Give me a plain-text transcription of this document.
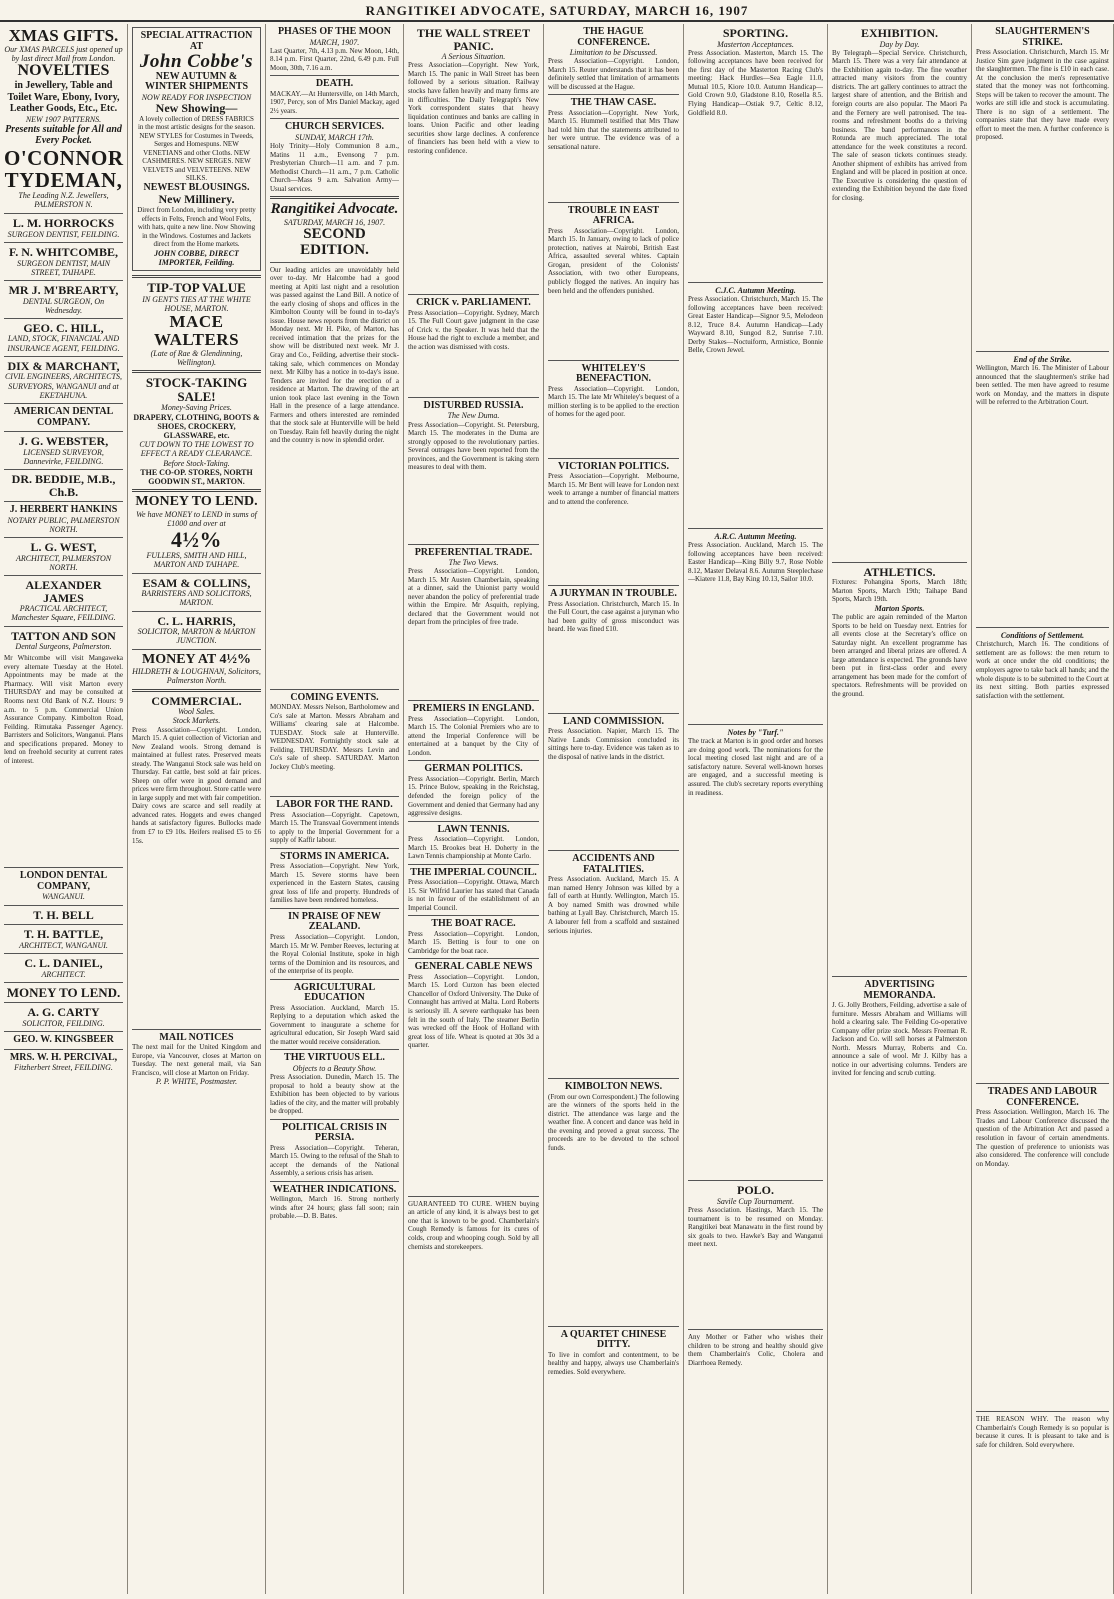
RANGITIKEI ADVOCATE, SATURDAY, MARCH 16, 1907
XMAS GIFTS.
Our XMAS PARCELS just opened up by last direct Mail from London.
NOVELTIES
in Jewellery, Table and Toilet Ware, Ebony, Ivory, Leather Goods, Etc., Etc.
NEW 1907 PATTERNS.
Presents suitable for All and Every Pocket.
O'CONNOR
TYDEMAN,
The Leading N.Z. Jewellers, PALMERSTON N.
L. M. HORROCKS
SURGEON DENTIST, FEILDING.
F. N. WHITCOMBE,
SURGEON DENTIST, MAIN STREET, TAIHAPE.
MR J. M'BREARTY,
DENTAL SURGEON, On Wednesday.
GEO. C. HILL,
LAND, STOCK, FINANCIAL AND INSURANCE AGENT, FEILDING.
DIX & MARCHANT,
CIVIL ENGINEERS, ARCHITECTS, SURVEYORS, WANGANUI and at EKETAHUNA.
AMERICAN DENTAL COMPANY.
J. G. WEBSTER,
LICENSED SURVEYOR, Dannevirke, FEILDING.
DR. BEDDIE, M.B., Ch.B.
J. HERBERT HANKINS
NOTARY PUBLIC, PALMERSTON NORTH.
L. G. WEST,
ARCHITECT, PALMERSTON NORTH.
ALEXANDER JAMES
PRACTICAL ARCHITECT, Manchester Square, FEILDING.
TATTON AND SON
Dental Surgeons, Palmerston.
Mr Whitcombe will visit Mangaweka every alternate Tuesday at the Hotel. Appointments may be made at the Pharmacy. Will visit Marton every THURSDAY and may be consulted at Rooms next Old Bank of N.Z. Hours: 9 a.m. to 5 p.m. Commercial Union Assurance Company. Kimbolton Road, Feilding. Rimutaka Passenger Agency. Barristers and Solicitors, Wanganui. Plans and specifications prepared. Money to lend on freehold security at current rates of interest.
LONDON DENTAL COMPANY,
WANGANUI.
T. H. BELL
T. H. BATTLE,
ARCHITECT, WANGANUI.
C. L. DANIEL,
ARCHITECT.
MONEY TO LEND.
A. G. CARTY
SOLICITOR, FEILDING.
GEO. W. KINGSBEER
MRS. W. H. PERCIVAL,
Fitzherbert Street, FEILDING.
SPECIAL ATTRACTION AT
John Cobbe's
NEW AUTUMN & WINTER SHIPMENTS
NOW READY FOR INSPECTION
New Showing—
A lovely collection of DRESS FABRICS in the most artistic designs for the season. NEW STYLES for Costumes in Tweeds, Serges and Homespuns. NEW VENETIANS and other Cloths. NEW CASHMERES. NEW SERGES. NEW VELVETS and VELVETEENS. NEW SILKS.
NEWEST BLOUSINGS.
New Millinery.
Direct from London, including very pretty effects in Felts, French and Wool Felts, with hats, quite a new line. Now Showing in the Windows. Costumes and Jackets direct from the Home markets.
JOHN COBBE, DIRECT IMPORTER, Feilding.
TIP-TOP VALUE
IN GENT'S TIES AT THE WHITE HOUSE, MARTON.
MACE WALTERS
(Late of Rae & Glendinning, Wellington).
STOCK-TAKING SALE!
Money-Saving Prices.
DRAPERY, CLOTHING, BOOTS & SHOES, CROCKERY, GLASSWARE, etc.
CUT DOWN TO THE LOWEST TO EFFECT A READY CLEARANCE. Before Stock-Taking.
THE CO-OP. STORES, NORTH GOODWIN ST., MARTON.
MONEY TO LEND.
We have MONEY to LEND in sums of £1000 and over at
4½%
FULLERS, SMITH AND HILL, MARTON AND TAIHAPE.
ESAM & COLLINS,
BARRISTERS AND SOLICITORS, MARTON.
C. L. HARRIS,
SOLICITOR, MARTON & MARTON JUNCTION.
MONEY AT 4½%
HILDRETH & LOUGHNAN, Solicitors, Palmerston North.
COMMERCIAL.
Wool Sales.
Stock Markets.
Press Association—Copyright. London, March 15. A quiet collection of Victorian and New Zealand wools. Strong demand is maintained at fullest rates. Preserved meats steady. The Wanganui Stock sale was held on Thursday. Fat cattle, best sold at fair prices. Sheep on offer were in good demand and prices were firm throughout. Store cattle were in large supply and met with fair competition. Dairy cows are scarce and sell readily at advanced rates. Hoggets and ewes changed hands at satisfactory figures. Bullocks made from £7 to £9 10s. Heifers realised £5 to £6 15s.
MAIL NOTICES
The next mail for the United Kingdom and Europe, via Vancouver, closes at Marton on Tuesday. The next general mail, via San Francisco, will close at Marton on Friday.
P. P. WHITE, Postmaster.
PHASES OF THE MOON
MARCH, 1907.
Last Quarter, 7th, 4.13 p.m. New Moon, 14th, 8.14 p.m. First Quarter, 22nd, 6.49 p.m. Full Moon, 30th, 7.16 a.m.
DEATH.
MACKAY.—At Huntersville, on 14th March, 1907, Percy, son of Mrs Daniel Mackay, aged 2½ years.
CHURCH SERVICES.
SUNDAY, MARCH 17th.
Holy Trinity—Holy Communion 8 a.m., Matins 11 a.m., Evensong 7 p.m. Presbyterian Church—11 a.m. and 7 p.m. Methodist Church—11 a.m., 7 p.m. Catholic Church—Mass 9 a.m. Salvation Army—Usual services.
Rangitikei Advocate.
SATURDAY, MARCH 16, 1907.
SECOND EDITION.
Our leading articles are unavoidably held over to-day. Mr Halcombe had a good meeting at Apiti last night and a resolution was passed against the Land Bill. A notice of the early closing of shops and offices in the Kimbolton County will be found in to-day's issue. House news reports from the district on Monday next. Mr H. Pike, of Marton, has received intimation that the prizes for the show will be distributed next week. Mr J. Gray and Co., Feilding, advertise their stock-taking sale, which commences on Monday next. Mr Kilby has a notice in to-day's issue. Tenders are invited for the erection of a residence at Marton. The drawing of the art union took place last evening in the Town Hall in the presence of a large attendance. Farmers and others interested are reminded that the stock sale at Hunterville will be held on Tuesday. Rain fell heavily during the night and the country is now in splendid order.
COMING EVENTS.
MONDAY. Messrs Nelson, Bartholomew and Co's sale at Marton. Messrs Abraham and Williams' clearing sale at Halcombe. TUESDAY. Stock sale at Hunterville. WEDNESDAY. Fortnightly stock sale at Feilding. THURSDAY. Messrs Levin and Co's sale of sheep. SATURDAY. Marton Jockey Club's meeting.
LABOR FOR THE RAND.
Press Association—Copyright. Capetown, March 15. The Transvaal Government intends to apply to the Imperial Government for a supply of Kaffir labour.
STORMS IN AMERICA.
Press Association—Copyright. New York, March 15. Severe storms have been experienced in the Eastern States, causing great loss of life and property. Hundreds of families have been rendered homeless.
IN PRAISE OF NEW ZEALAND.
Press Association—Copyright. London, March 15. Mr W. Pember Reeves, lecturing at the Royal Colonial Institute, spoke in high terms of the Dominion and its resources, and of the enterprise of its people.
AGRICULTURAL EDUCATION
Press Association. Auckland, March 15. Replying to a deputation which asked the Government to inaugurate a scheme for agricultural education, Sir Joseph Ward said the matter would receive consideration.
THE VIRTUOUS ELL.
Objects to a Beauty Show.
Press Association. Dunedin, March 15. The proposal to hold a beauty show at the Exhibition has been objected to by various ladies of the city, and the matter will probably be dropped.
POLITICAL CRISIS IN PERSIA.
Press Association—Copyright. Teheran, March 15. Owing to the refusal of the Shah to accept the demands of the National Assembly, a serious crisis has arisen.
WEATHER INDICATIONS.
Wellington, March 16. Strong northerly winds after 24 hours; glass fall soon; rain probable.—D. B. Bates.
THE WALL STREET PANIC.
A Serious Situation.
Press Association—Copyright. New York, March 15. The panic in Wall Street has been followed by a serious situation. Railway stocks have fallen heavily and many firms are in difficulties. The Daily Telegraph's New York correspondent states that heavy liquidation continues and banks are calling in loans. Union Pacific and other leading securities show large declines. A conference of financiers has been held with a view to restoring confidence.
CRICK v. PARLIAMENT.
Press Association—Copyright. Sydney, March 15. The Full Court gave judgment in the case of Crick v. the Speaker. It was held that the House had the right to exclude a member, and the action was dismissed with costs.
DISTURBED RUSSIA.
The New Duma.
Press Association—Copyright. St. Petersburg, March 15. The moderates in the Duma are strongly opposed to the revolutionary parties. Several outrages have been reported from the provinces, and the Government is taking stern measures to deal with them.
PREFERENTIAL TRADE.
The Two Views.
Press Association—Copyright. London, March 15. Mr Austen Chamberlain, speaking at a dinner, said the Unionist party would never abandon the policy of preferential trade within the Empire. Mr Asquith, replying, declared that the Government would not depart from the principles of free trade.
PREMIERS IN ENGLAND.
Press Association—Copyright. London, March 15. The Colonial Premiers who are to attend the Imperial Conference will be entertained at a banquet by the City of London.
GERMAN POLITICS.
Press Association—Copyright. Berlin, March 15. Prince Bulow, speaking in the Reichstag, defended the foreign policy of the Government and denied that Germany had any aggressive designs.
LAWN TENNIS.
Press Association—Copyright. London, March 15. Brookes beat H. Doherty in the Lawn Tennis championship at Monte Carlo.
THE IMPERIAL COUNCIL.
Press Association—Copyright. Ottawa, March 15. Sir Wilfrid Laurier has stated that Canada is not in favour of the establishment of an Imperial Council.
THE BOAT RACE.
Press Association—Copyright. London, March 15. Betting is four to one on Cambridge for the boat race.
GENERAL CABLE NEWS
Press Association—Copyright. London, March 15. Lord Curzon has been elected Chancellor of Oxford University. The Duke of Connaught has arrived at Malta. Lord Roberts is seriously ill. A severe earthquake has been felt in the south of Italy. The steamer Berlin was wrecked off the Hook of Holland with great loss of life. Wheat is quoted at 30s 3d a quarter.
GUARANTEED TO CURE. WHEN buying an article of any kind, it is always best to get one that is known to be good. Chamberlain's Cough Remedy is famous for its cures of colds, croup and whooping cough. Sold by all chemists and storekeepers.
THE HAGUE CONFERENCE.
Limitation to be Discussed.
Press Association—Copyright. London, March 15. Reuter understands that it has been definitely settled that limitation of armaments will be discussed at the Hague.
THE THAW CASE.
Press Association—Copyright. New York, March 15. Hummell testified that Mrs Thaw had told him that the statements attributed to her were untrue. The evidence was of a sensational nature.
TROUBLE IN EAST AFRICA.
Press Association—Copyright. London, March 15. In January, owing to lack of police protection, natives at Nairobi, British East Africa, assaulted several whites. Captain Grogan, president of the Colonists' Association, with two other Europeans, publicly flogged the natives. An inquiry has been held and the offenders punished.
WHITELEY'S BENEFACTION.
Press Association—Copyright. London, March 15. The late Mr Whiteley's bequest of a million sterling is to be applied to the erection of homes for the aged poor.
VICTORIAN POLITICS.
Press Association—Copyright. Melbourne, March 15. Mr Bent will leave for London next week to arrange a number of financial matters and to attend the conference.
A JURYMAN IN TROUBLE.
Press Association. Christchurch, March 15. In the Full Court, the case against a juryman who had been guilty of gross misconduct was heard. He was fined £10.
LAND COMMISSION.
Press Association. Napier, March 15. The Native Lands Commission concluded its sittings here to-day. Evidence was taken as to the disposal of native lands in the district.
ACCIDENTS AND FATALITIES.
Press Association. Auckland, March 15. A man named Henry Johnson was killed by a fall of earth at Huntly. Wellington, March 15. A boy named Smith was drowned while bathing at Lyall Bay. Christchurch, March 15. A labourer fell from a scaffold and sustained serious injuries.
KIMBOLTON NEWS.
(From our own Correspondent.) The following are the winners of the sports held in the district. The attendance was large and the weather fine. A concert and dance was held in the evening and proved a great success. The proceeds are to be devoted to the school funds.
A QUARTET CHINESE DITTY.
To live in comfort and contentment, to be healthy and happy, always use Chamberlain's remedies. Sold everywhere.
SPORTING.
Masterton Acceptances.
Press Association. Masterton, March 15. The following acceptances have been received for the first day of the Masterton Racing Club's meeting: Hack Hurdles—Sea Eagle 11.0, Mutual 10.5, Kiore 10.0. Autumn Handicap—Gold Crown 9.0, Gladstone 8.10, Rosella 8.5. Flying Handicap—Ostiak 9.7, Celtic 8.12, Goldfield 8.0.
C.J.C. Autumn Meeting.
Press Association. Christchurch, March 15. The following acceptances have been received: Great Easter Handicap—Signor 9.5, Melodeon 8.12, Truce 8.4. Autumn Handicap—Lady Wayward 8.10, Sungod 8.2, Sunrise 7.10. Derby Stakes—Noctuiform, Armistice, Bonnie Belle, Crown Jewel.
A.R.C. Autumn Meeting.
Press Association. Auckland, March 15. The following acceptances have been received: Easter Handicap—King Billy 9.7, Rose Noble 8.12, Master Delaval 8.6. Autumn Steeplechase—Kiatere 11.8, Bay King 10.13, Sailor 10.0.
Notes by "Turf."
The track at Marton is in good order and horses are doing good work. The nominations for the local meeting closed last night and are of a satisfactory nature. Several well-known horses are engaged, and a successful meeting is assured. The club's secretary reports everything in readiness.
POLO.
Savile Cup Tournament.
Press Association. Hastings, March 15. The tournament is to be resumed on Monday. Rangitikei beat Manawatu in the first round by six goals to two. Hawke's Bay and Wanganui meet next.
Any Mother or Father who wishes their children to be strong and healthy should give them Chamberlain's Colic, Cholera and Diarrhoea Remedy.
EXHIBITION.
Day by Day.
By Telegraph—Special Service. Christchurch, March 15. There was a very fair attendance at the Exhibition again to-day. The fine weather attracted many visitors from the country districts. The art gallery continues to attract the largest share of attention, and the British and foreign courts are also popular. The Maori Pa and the Fernery are well patronised. The tea-rooms and refreshment booths do a thriving business. The band performances in the Rotunda are much appreciated. The total attendance for the week constitutes a record. The sale of season tickets continues steady. Another shipment of exhibits has arrived from England and will be placed in position at once. The Executive is considering the question of extending the Exhibition beyond the date fixed for closing.
ATHLETICS.
Fixtures: Pohangina Sports, March 18th; Marton Sports, March 19th; Taihape Band Sports, March 19th.
Marton Sports.
The public are again reminded of the Marton Sports to be held on Tuesday next. Entries for all events close at the Secretary's office on Saturday night. An excellent programme has been arranged and liberal prizes are offered. A large attendance is expected. The grounds have been put in first-class order and every arrangement has been made for the comfort of spectators. Refreshments will be provided on the ground.
ADVERTISING MEMORANDA.
J. G. Jolly Brothers, Feilding, advertise a sale of furniture. Messrs Abraham and Williams will hold a clearing sale. The Feilding Co-operative Company offer prize stock. Messrs Freeman R. Jackson and Co. will sell horses at Palmerston North. Messrs Murray, Roberts and Co. announce a sale of wool. Mr J. Kilby has a notice in our advertising columns. Tenders are invited for fencing and scrub cutting.
SLAUGHTERMEN'S STRIKE.
Press Association. Christchurch, March 15. Mr Justice Sim gave judgment in the case against the slaughtermen. The fine is £10 in each case. At the conclusion the men's representative stated that the money was not forthcoming. Steps will be taken to recover the amount. The works are still idle and stock is accumulating. There is no sign of a settlement. The companies state that they have made every effort to meet the men. A further conference is proposed.
End of the Strike.
Wellington, March 16. The Minister of Labour announced that the slaughtermen's strike had been settled. The men have agreed to resume work on Monday, and the matters in dispute will be referred to the Arbitration Court.
Conditions of Settlement.
Christchurch, March 16. The conditions of settlement are as follows: the men return to work at once under the old conditions; the employers agree to take back all hands; and the whole dispute is to be submitted to the Court at its next sitting. Both parties expressed satisfaction with the settlement.
TRADES AND LABOUR CONFERENCE.
Press Association. Wellington, March 16. The Trades and Labour Conference discussed the question of the Arbitration Act and passed a resolution in favour of certain amendments. The question of preference to unionists was also considered. The conference will conclude on Monday.
THE REASON WHY. The reason why Chamberlain's Cough Remedy is so popular is because it cures. It is pleasant to take and is safe for children. Sold everywhere.
